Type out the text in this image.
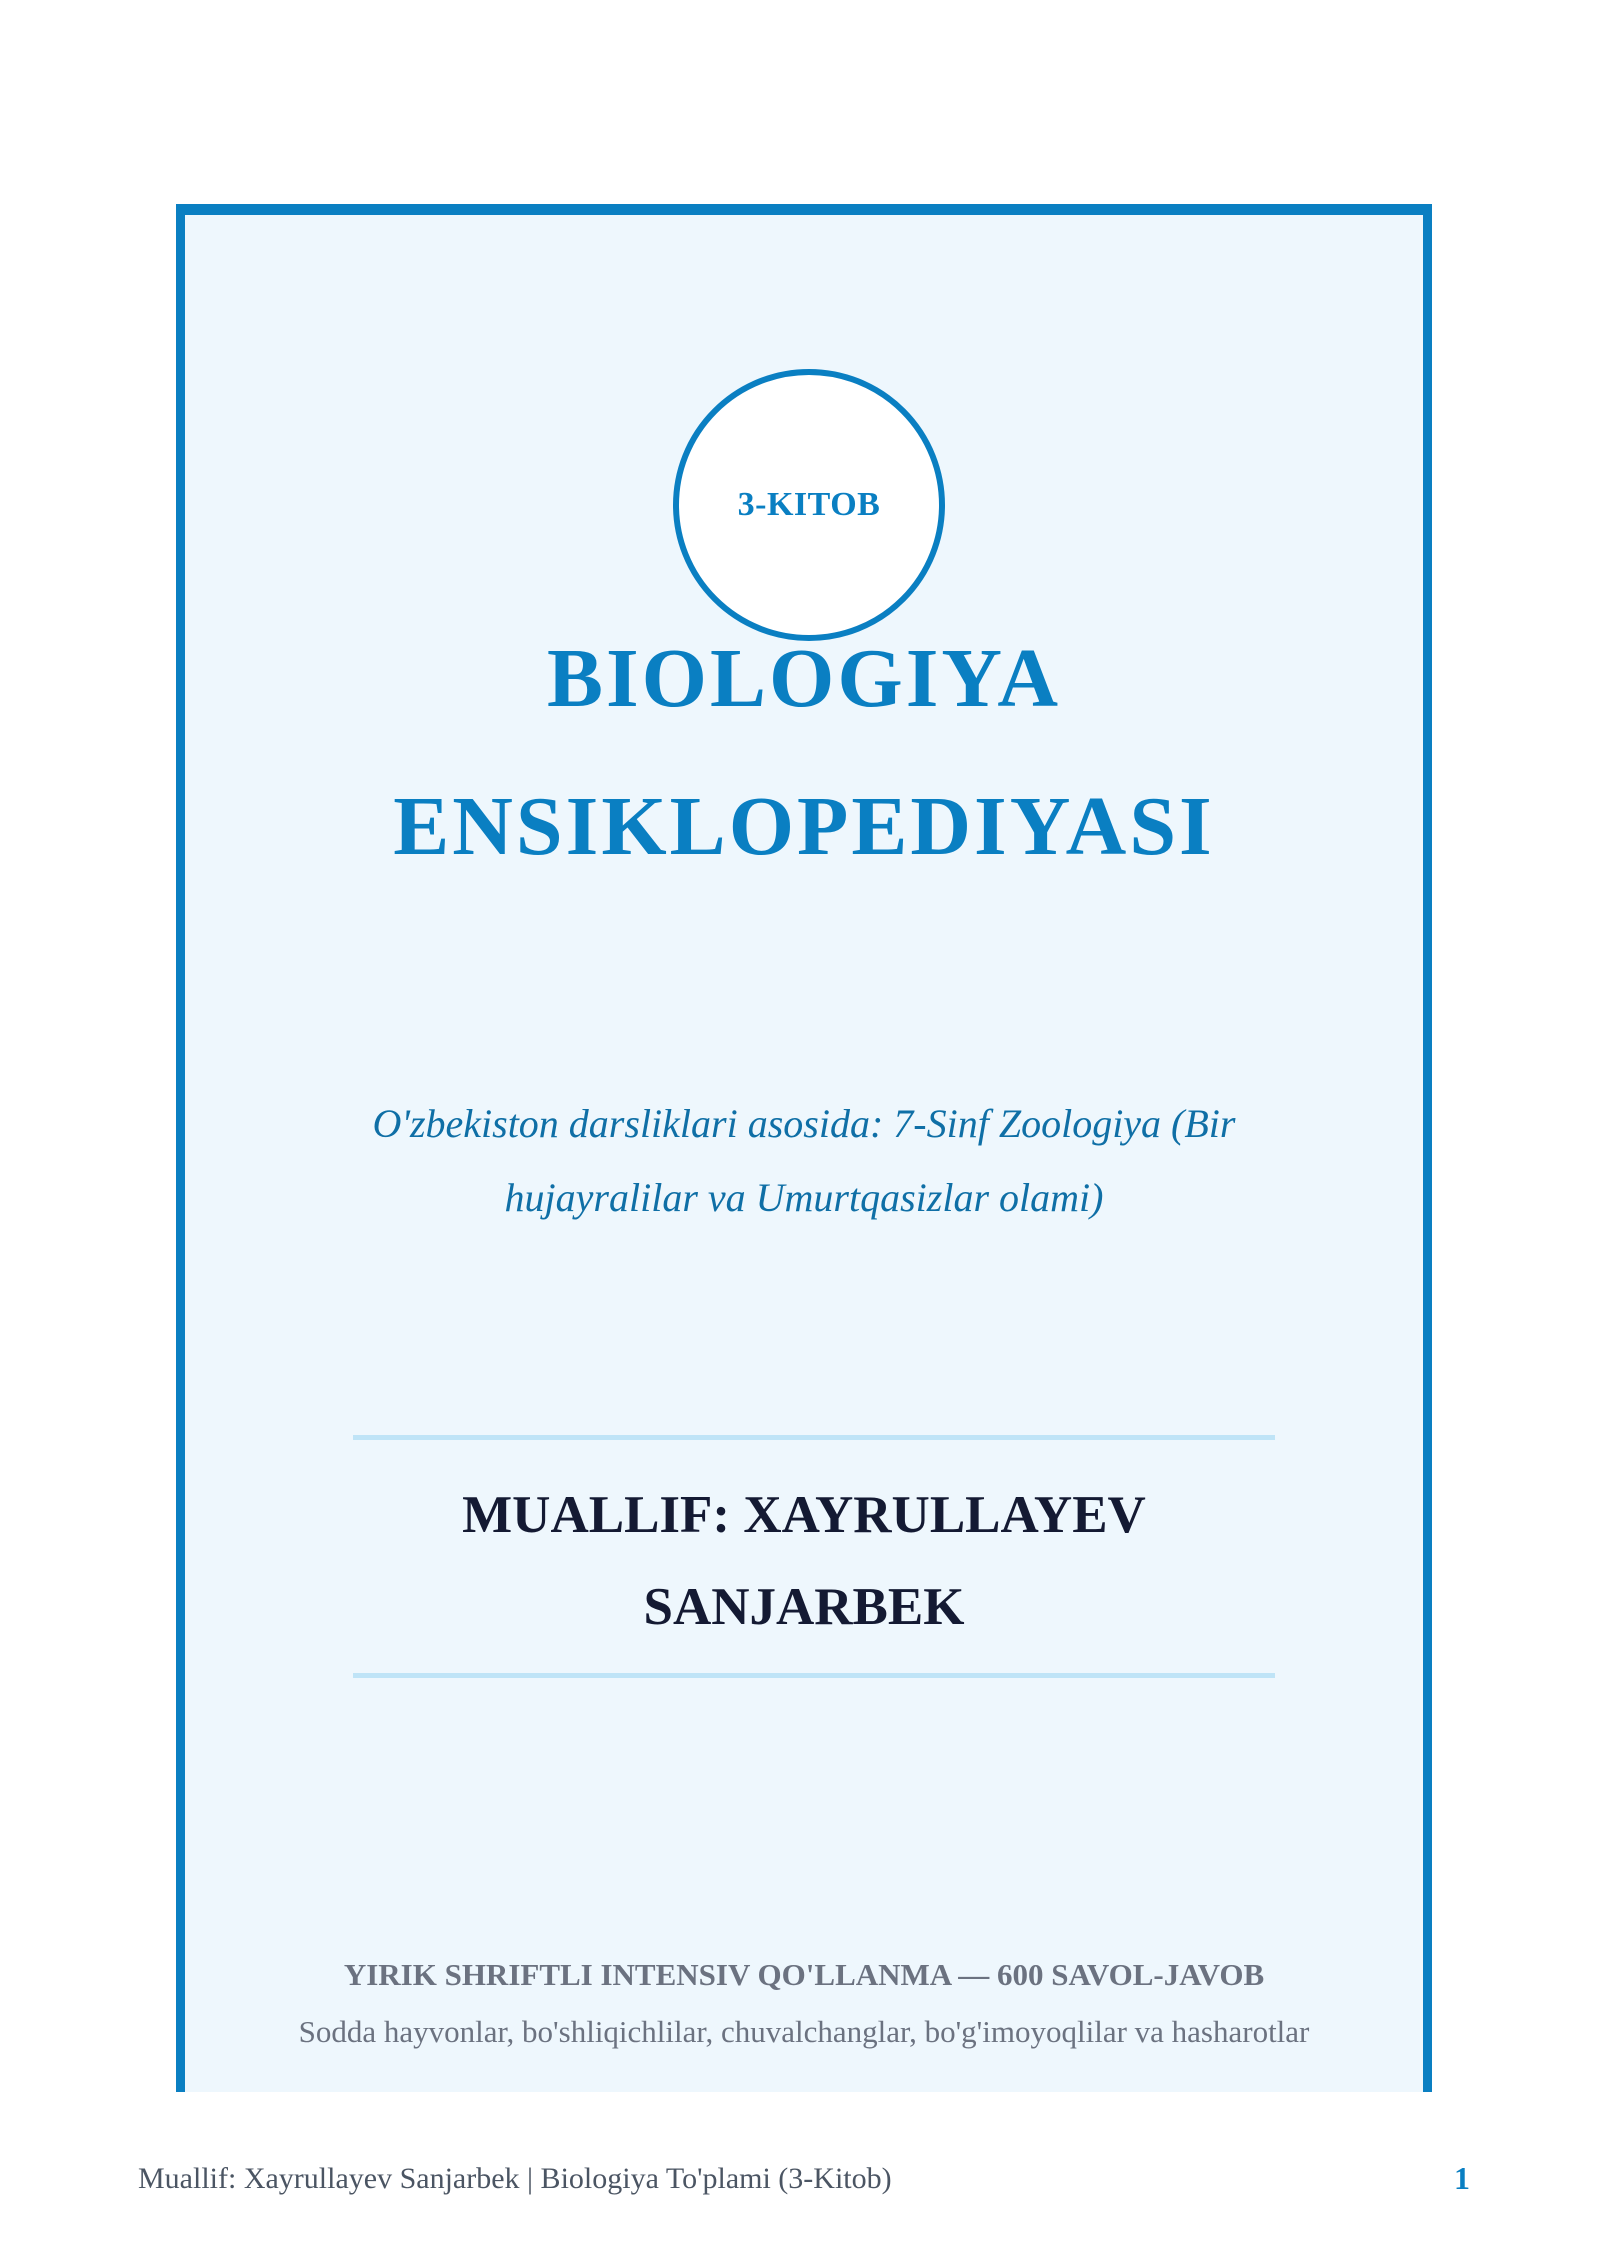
3-KITOB
BIOLOGIYA
ENSIKLOPEDIYASI
O'zbekiston darsliklari asosida: 7-Sinf Zoologiya (Bir
hujayralilar va Umurtqasizlar olami)
MUALLIF: XAYRULLAYEV
SANJARBEK
YIRIK SHRIFTLI INTENSIV QO'LLANMA — 600 SAVOL-JAVOB
Sodda hayvonlar, bo'shliqichlilar, chuvalchanglar, bo'g'imoyoqlilar va hasharotlar
Muallif: Xayrullayev Sanjarbek | Biologiya To'plami (3-Kitob)	1
